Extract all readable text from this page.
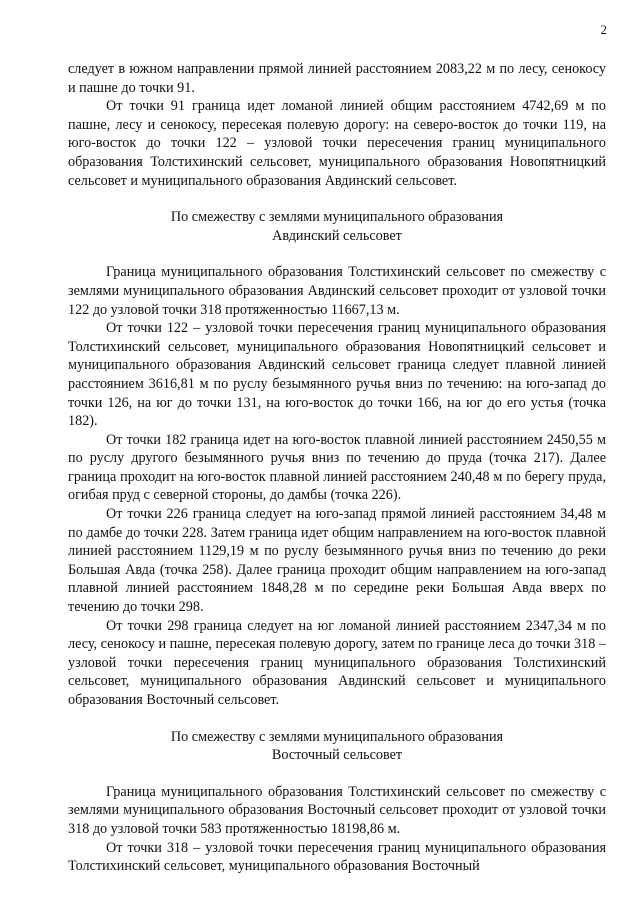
2

следует в южном направлении прямой линией расстоянием 2083,22 м по лесу, сенокосу и пашне до точки 91.

От точки 91 граница идет ломаной линией общим расстоянием 4742,69 м по пашне, лесу и сенокосу, пересекая полевую дорогу: на северо-восток до точки 119, на юго-восток до точки 122 – узловой точки пересечения границ муниципального образования Толстихинский сельсовет, муниципального образования Новопятницкий сельсовет и муниципального образования Авдинский сельсовет.

По смежеству с землями муниципального образования
Авдинский сельсовет

Граница муниципального образования Толстихинский сельсовет по смежеству с землями муниципального образования Авдинский сельсовет проходит от узловой точки 122 до узловой точки 318 протяженностью 11667,13 м.

От точки 122 – узловой точки пересечения границ муниципального образования Толстихинский сельсовет, муниципального образования Новопятницкий сельсовет и муниципального образования Авдинский сельсовет граница следует плавной линией расстоянием 3616,81 м по руслу безымянного ручья вниз по течению: на юго-запад до точки 126, на юг до точки 131, на юго-восток до точки 166, на юг до его устья (точка 182).

От точки 182 граница идет на юго-восток плавной линией расстоянием 2450,55 м по руслу другого безымянного ручья вниз по течению до пруда (точка 217). Далее граница проходит на юго-восток плавной линией расстоянием 240,48 м по берегу пруда, огибая пруд с северной стороны, до дамбы (точка 226).

От точки 226 граница следует на юго-запад прямой линией расстоянием 34,48 м по дамбе до точки 228. Затем граница идет общим направлением на юго-восток плавной линией расстоянием 1129,19 м по руслу безымянного ручья вниз по течению до реки Большая Авда (точка 258). Далее граница проходит общим направлением на юго-запад плавной линией расстоянием 1848,28 м по середине реки Большая Авда вверх по течению до точки 298.

От точки 298 граница следует на юг ломаной линией расстоянием 2347,34 м по лесу, сенокосу и пашне, пересекая полевую дорогу, затем по границе леса до точки 318 – узловой точки пересечения границ муниципального образования Толстихинский сельсовет, муниципального образования Авдинский сельсовет и муниципального образования Восточный сельсовет.

По смежеству с землями муниципального образования
Восточный сельсовет

Граница муниципального образования Толстихинский сельсовет по смежеству с землями муниципального образования Восточный сельсовет проходит от узловой точки 318 до узловой точки 583 протяженностью 18198,86 м.

От точки 318 – узловой точки пересечения границ муниципального образования Толстихинский сельсовет, муниципального образования Восточный
